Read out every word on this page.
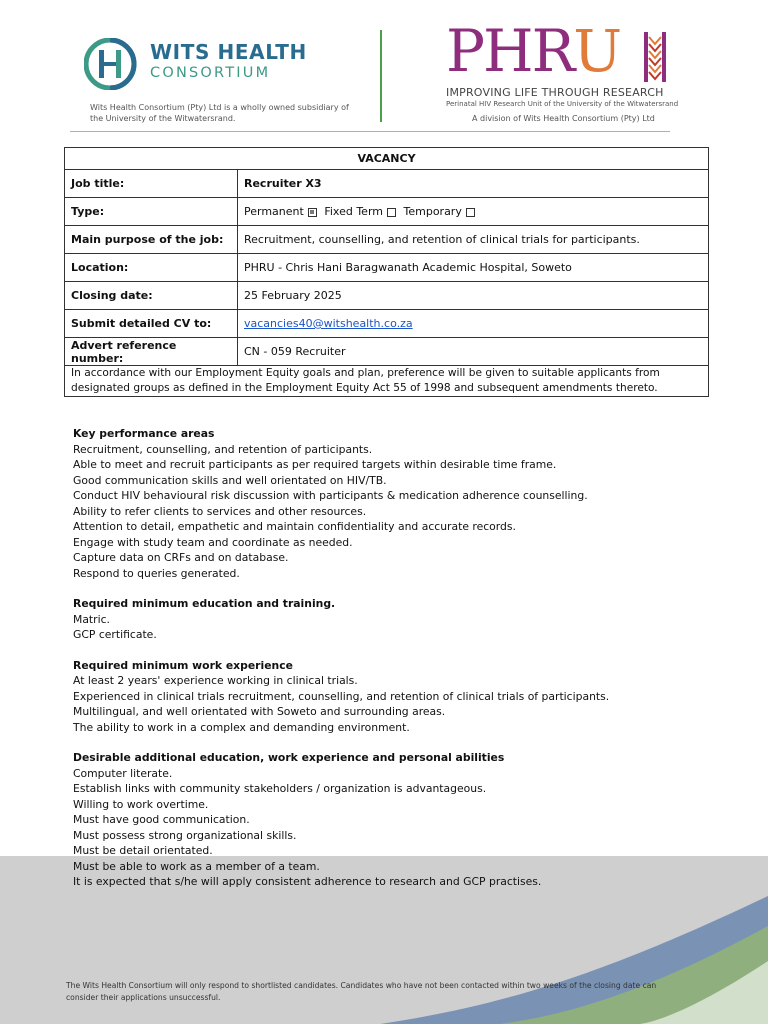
WITS HEALTH
CONSORTIUM
Wits Health Consortium (Pty) Ltd is a wholly owned subsidiary of the University of the Witwatersrand.
PHRU
IMPROVING LIFE THROUGH RESEARCH
Perinatal HIV Research Unit of the University of the Witwatersrand
A division of Wits Health Consortium (Pty) Ltd
VACANCY	
Job title:	Recruiter X3
Type:	Permanent Fixed Term Temporary
Main purpose of the job:	Recruitment, counselling, and retention of clinical trials for participants.
Location:	PHRU - Chris Hani Baragwanath Academic Hospital, Soweto
Closing date:	25 February 2025
Submit detailed CV to:	vacancies40@witshealth.co.za
Advert reference number:	CN - 059 Recruiter
In accordance with our Employment Equity goals and plan, preference will be given to suitable applicants from designated groups as defined in the Employment Equity Act 55 of 1998 and subsequent amendments thereto.	
Key performance areas

Recruitment, counselling, and retention of participants.

Able to meet and recruit participants as per required targets within desirable time frame.

Good communication skills and well orientated on HIV/TB.

Conduct HIV behavioural risk discussion with participants & medication adherence counselling.

Ability to refer clients to services and other resources.

Attention to detail, empathetic and maintain confidentiality and accurate records.

Engage with study team and coordinate as needed.

Capture data on CRFs and on database.

Respond to queries generated.

Required minimum education and training.

Matric.

GCP certificate.

Required minimum work experience

At least 2 years' experience working in clinical trials.

Experienced in clinical trials recruitment, counselling, and retention of clinical trials of participants.

Multilingual, and well orientated with Soweto and surrounding areas.

The ability to work in a complex and demanding environment.

Desirable additional education, work experience and personal abilities

Computer literate.

Establish links with community stakeholders / organization is advantageous.

Willing to work overtime.

Must have good communication.

Must possess strong organizational skills.

Must be detail orientated.

Must be able to work as a member of a team.

It is expected that s/he will apply consistent adherence to research and GCP practises.

The Wits Health Consortium will only respond to shortlisted candidates. Candidates who have not been contacted within two weeks of the closing date can consider their applications unsuccessful.
